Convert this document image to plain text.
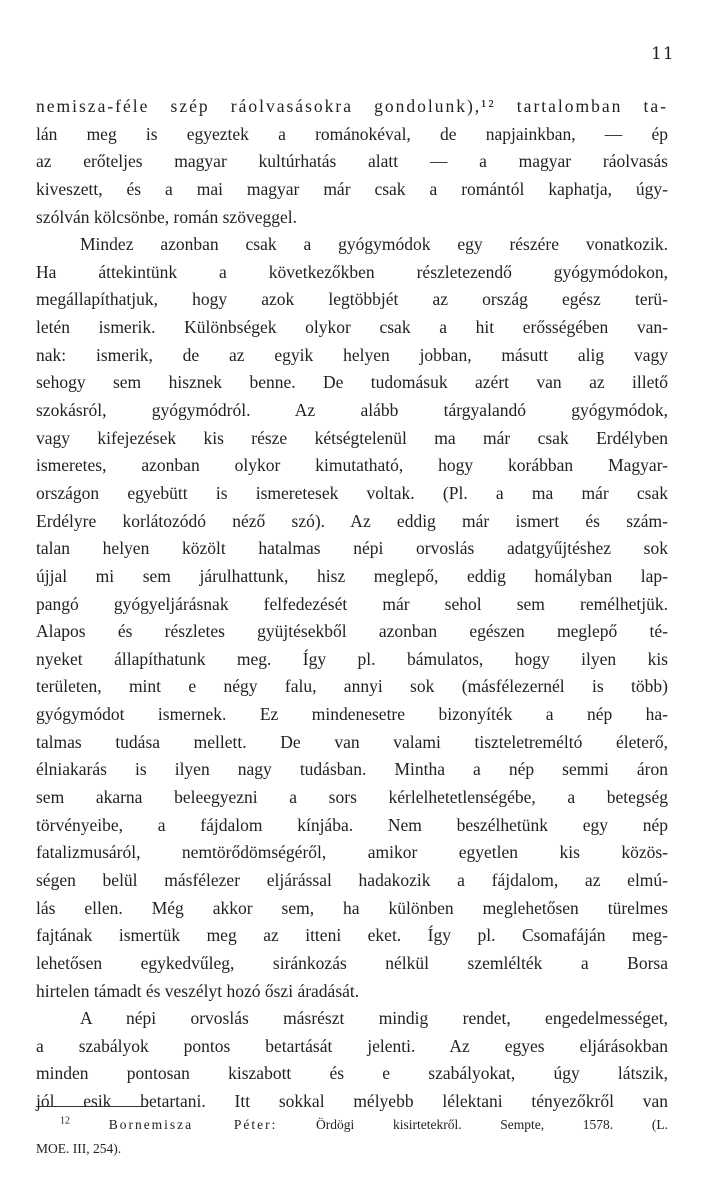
11
nemisza-féle szép ráolvasásokra gondolunk),¹² tartalomban ta-
lán meg is egyeztek a románokéval, de napjainkban, — ép
az erőteljes magyar kultúrhatás alatt — a magyar ráolvasás
kiveszett, és a mai magyar már csak a romántól kaphatja, úgy-
szólván kölcsönbe, román szöveggel.
Mindez azonban csak a gyógymódok egy részére vonatkozik.
Ha áttekintünk a következőkben részletezendő gyógymódokon,
megállapíthatjuk, hogy azok legtöbbjét az ország egész terü-
letén ismerik. Különbségek olykor csak a hit erősségében van-
nak: ismerik, de az egyik helyen jobban, másutt alig vagy
sehogy sem hisznek benne. De tudomásuk azért van az illető
szokásról, gyógymódról. Az alább tárgyalandó gyógymódok,
vagy kifejezések kis része kétségtelenül ma már csak Erdélyben
ismeretes, azonban olykor kimutatható, hogy korábban Magyar-
országon egyebütt is ismeretesek voltak. (Pl. a ma már csak
Erdélyre korlátozódó néző szó). Az eddig már ismert és szám-
talan helyen közölt hatalmas népi orvoslás adatgyűjtéshez sok
újjal mi sem járulhattunk, hisz meglepő, eddig homályban lap-
pangó gyógyeljárásnak felfedezését már sehol sem remélhetjük.
Alapos és részletes gyüjtésekből azonban egészen meglepő té-
nyeket állapíthatunk meg. Így pl. bámulatos, hogy ilyen kis
területen, mint e négy falu, annyi sok (másfélezernél is több)
gyógymódot ismernek. Ez mindenesetre bizonyíték a nép ha-
talmas tudása mellett. De van valami tiszteletreméltó életerő,
élniakarás is ilyen nagy tudásban. Mintha a nép semmi áron
sem akarna beleegyezni a sors kérlelhetetlenségébe, a betegség
törvényeibe, a fájdalom kínjába. Nem beszélhetünk egy nép
fatalizmusáról, nemtörődömségéről, amikor egyetlen kis közös-
ségen belül másfélezer eljárással hadakozik a fájdalom, az elmú-
lás ellen. Még akkor sem, ha különben meglehetősen türelmes
fajtának ismertük meg az itteni eket. Így pl. Csomafáján meg-
lehetősen egykedvűleg, siránkozás nélkül szemlélték a Borsa
hirtelen támadt és veszélyt hozó őszi áradását.
A népi orvoslás másrészt mindig rendet, engedelmességet,
a szabályok pontos betartását jelenti. Az egyes eljárásokban
minden pontosan kiszabott és e szabályokat, úgy látszik,
jól esik betartani. Itt sokkal mélyebb lélektani tényezőkről van
$^{12}$	Bornemisza Péter:	Ördögi kisirtetekről. Sempte, 1578. (L.
MOE. III, 254).
